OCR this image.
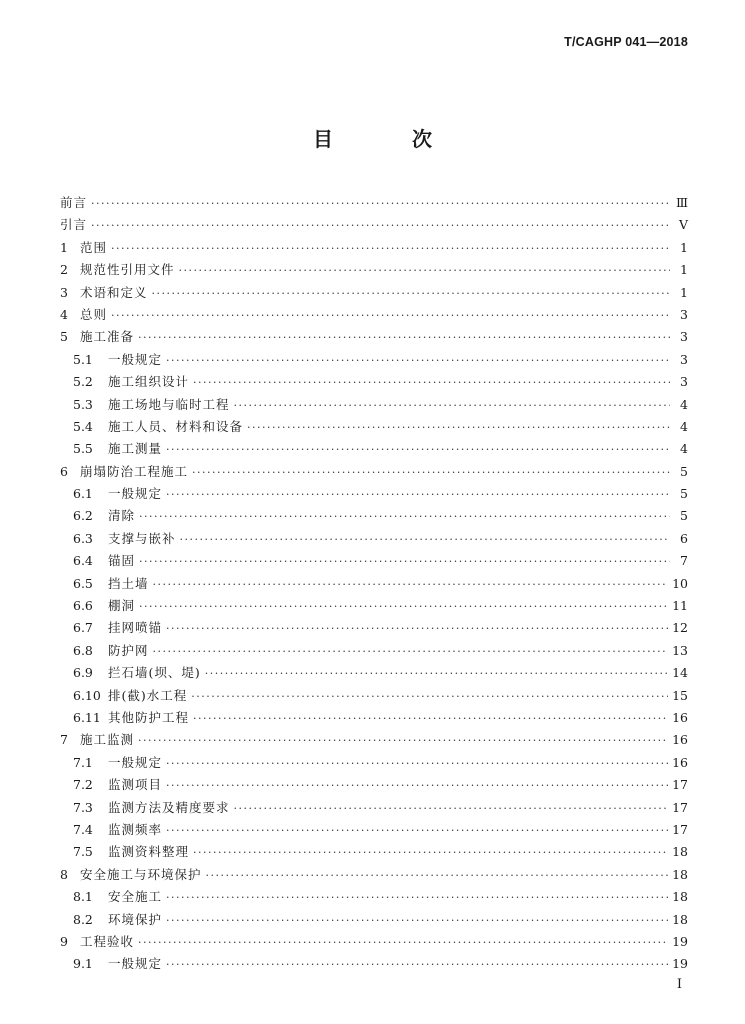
T/CAGHP 041—2018
目 次
前言 ·····	Ⅲ
引言 ·····	Ⅴ
1 范围 ·····	1
2 规范性引用文件 ·····	1
3 术语和定义 ·····	1
4 总则 ·····	3
5 施工准备 ·····	3
5.1	一般规定 ·····	3
5.2	施工组织设计 ·····	3
5.3	施工场地与临时工程 ·····	4
5.4	施工人员、材料和设备 ·····	4
5.5	施工测量 ·····	4
6 崩塌防治工程施工 ·····	5
6.1	一般规定 ·····	5
6.2	清除 ·····	5
6.3	支撑与嵌补 ·····	6
6.4	锚固 ·····	7
6.5	挡土墙 ·····	10
6.6	棚洞 ·····	11
6.7	挂网喷锚 ·····	12
6.8	防护网 ·····	13
6.9	拦石墙(坝、堤) ·····	14
6.10 排(截)水工程 ·····	15
6.11 其他防护工程 ·····	16
7 施工监测 ·····	16
7.1	一般规定 ·····	16
7.2	监测项目 ·····	17
7.3	监测方法及精度要求 ·····	17
7.4	监测频率 ·····	17
7.5	监测资料整理 ·····	18
8 安全施工与环境保护 ·····	18
8.1	安全施工 ·····	18
8.2	环境保护 ·····	18
9 工程验收 ·····	19
9.1	一般规定 ·····	19
Ⅰ
